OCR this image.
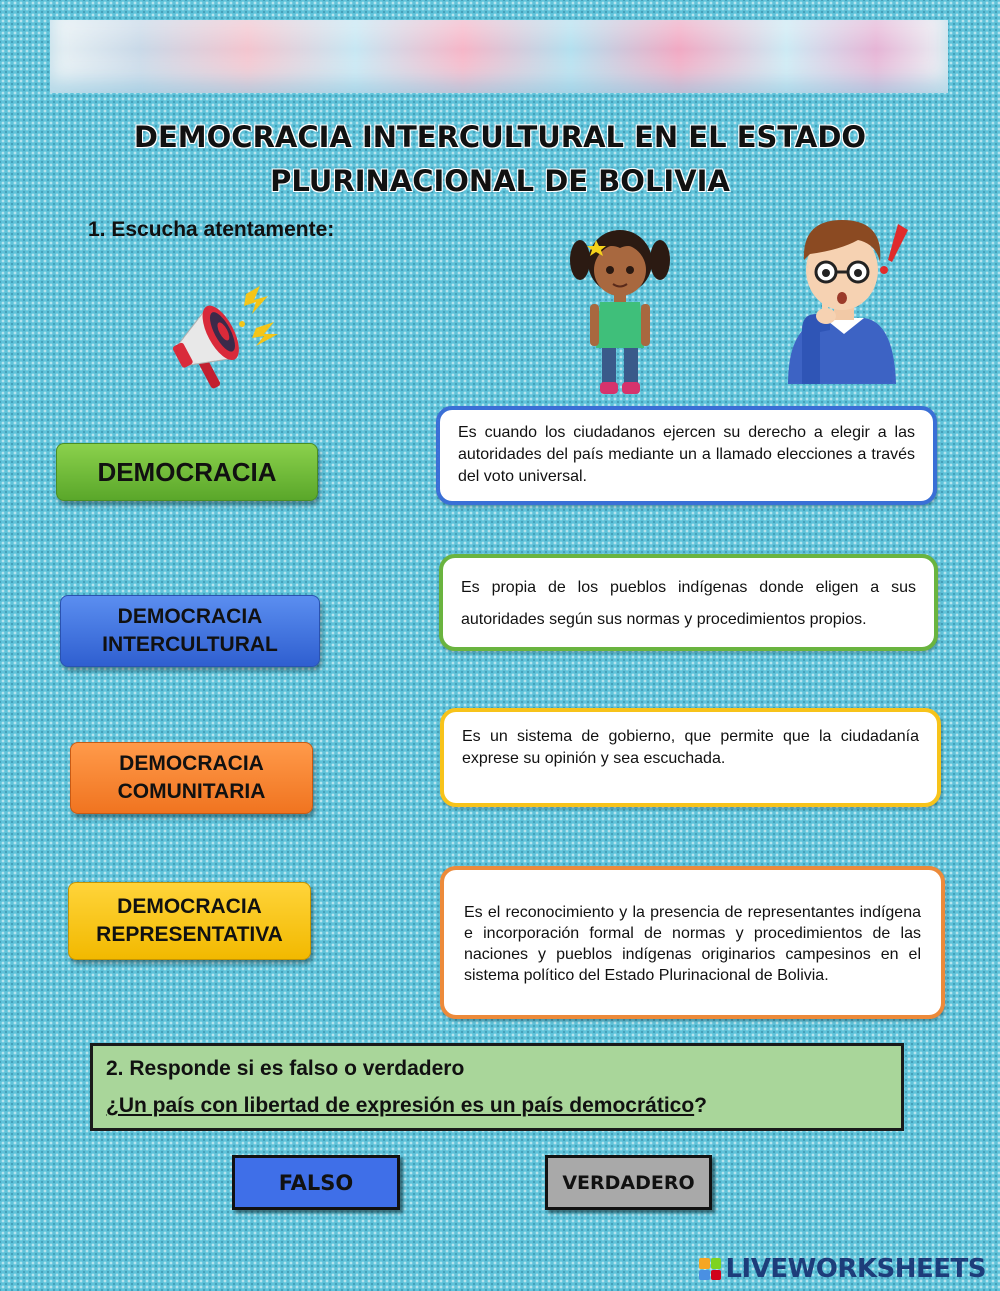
DEMOCRACIA INTERCULTURAL EN EL ESTADO
PLURINACIONAL DE BOLIVIA
1. Escucha atentamente:
DEMOCRACIA
DEMOCRACIA
INTERCULTURAL
DEMOCRACIA
COMUNITARIA
DEMOCRACIA
REPRESENTATIVA
Es cuando los ciudadanos ejercen su derecho a elegir a las autoridades del país mediante un a llamado elecciones a través del voto universal.
Es propia de los pueblos indígenas donde eligen a sus autoridades según sus normas y procedimientos propios.
Es un sistema de gobierno, que permite que la ciudadanía exprese su opinión y sea escuchada.
Es el reconocimiento y la presencia de representantes indígena e incorporación formal de normas y procedimientos de las naciones y pueblos indígenas originarios campesinos en el sistema político del Estado Plurinacional de Bolivia.
2. Responde si es falso o verdadero
¿Un país con libertad de expresión es un país democrático?
FALSO	VERDADERO
LIVEWORKSHEETS
